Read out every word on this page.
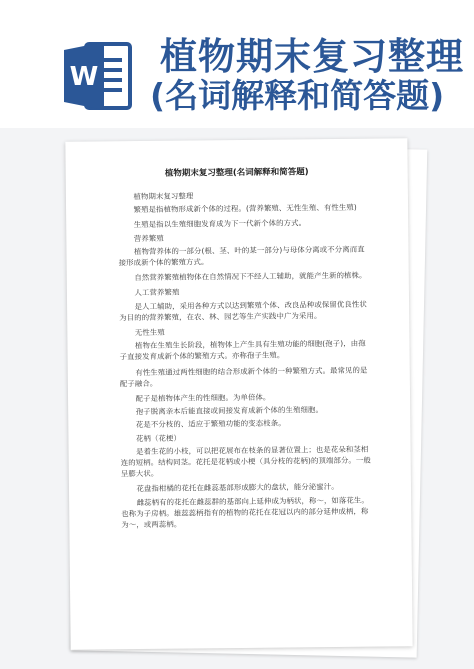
W 植物期末复习整理
(名词解释和简答题)
植物期末复习整理(名词解释和简答题)

植物期末复习整理

繁殖是指植物形成新个体的过程。(营养繁殖、无性生殖、有性生殖)

生殖是指以生殖细胞发育成为下一代新个体的方式。

营养繁殖

植物营养体的一部分(根、茎、叶的某一部分)与母体分离或不分离而直接形成新个体的繁殖方式。

自然营养繁殖植物体在自然情况下不经人工辅助，就能产生新的植株。

人工营养繁殖

是人工辅助，采用各种方式以达到繁殖个体、改良品种或保留优良性状为目的的营养繁殖，在农、林、园艺等生产实践中广为采用。

无性生殖

植物在生殖生长阶段，植物体上产生具有生殖功能的细胞(孢子)，由孢子直接发育成新个体的繁殖方式。亦称孢子生殖。

有性生殖通过两性细胞的结合形成新个体的一种繁殖方式。最常见的是配子融合。

配子是植物体产生的性细胞。为单倍体。

孢子脱离亲本后能直接或间接发育成新个体的生殖细胞。

花是不分枝的、适应于繁殖功能的变态枝条。

花柄（花梗）

是着生花的小枝，可以把花展布在枝条的显著位置上；也是花朵和茎相连的短柄。结构同茎。花托是花柄或小梗（具分枝的花柄)的顶端部分。一般呈膨大状。

花盘指柑橘的花托在雌蕊基部形成膨大的盘状，能分泌蜜汁。

雌蕊柄有的花托在雌蕊群的基部向上延伸成为柄状，称～，如落花生。 也称为子房柄。雄蕊蕊柄指有的植物的花托在花冠以内的部分延伸成柄，称为～，或两蕊柄。
